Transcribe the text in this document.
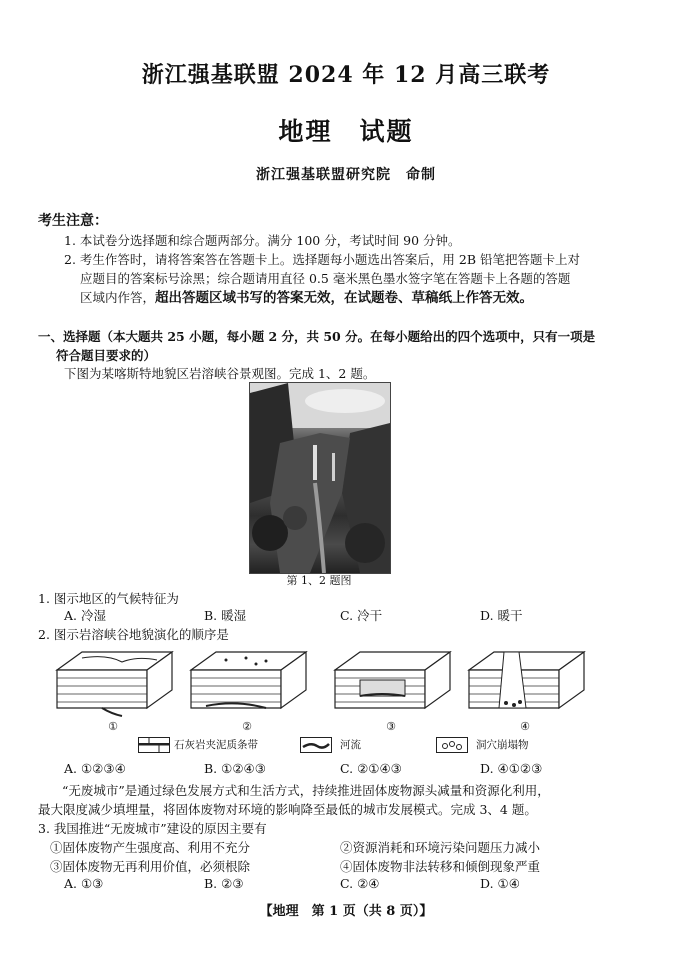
浙江强基联盟 2024 年 12 月高三联考
地理　试题
浙江强基联盟研究院　命制
考生注意：
1. 本试卷分选择题和综合题两部分。满分 100 分，考试时间 90 分钟。
2. 考生作答时，请将答案答在答题卡上。选择题每小题选出答案后，用 2B 铅笔把答题卡上对
应题目的答案标号涂黑；综合题请用直径 0.5 毫米黑色墨水签字笔在答题卡上各题的答题
区域内作答，超出答题区域书写的答案无效，在试题卷、草稿纸上作答无效。
一、选择题（本大题共 25 小题，每小题 2 分，共 50 分。在每小题给出的四个选项中，只有一项是
符合题目要求的）
下图为某喀斯特地貌区岩溶峡谷景观图。完成 1、2 题。
第 1、2 题图
1. 图示地区的气候特征为
A. 冷湿	B. 暖湿	C. 冷干	D. 暖干
2. 图示岩溶峡谷地貌演化的顺序是
①	②	③	④
石灰岩夹泥质条带	河流	洞穴崩塌物
A. ①②③④	B. ①②④③	C. ②①④③	D. ④①②③
“无废城市”是通过绿色发展方式和生活方式，持续推进固体废物源头减量和资源化利用，
最大限度减少填埋量，将固体废物对环境的影响降至最低的城市发展模式。完成 3、4 题。
3. 我国推进“无废城市”建设的原因主要有
①固体废物产生强度高、利用不充分	②资源消耗和环境污染问题压力减小
③固体废物无再利用价值，必须根除	④固体废物非法转移和倾倒现象严重
A. ①③	B. ②③	C. ②④	D. ①④
【地理　第 1 页（共 8 页）】
